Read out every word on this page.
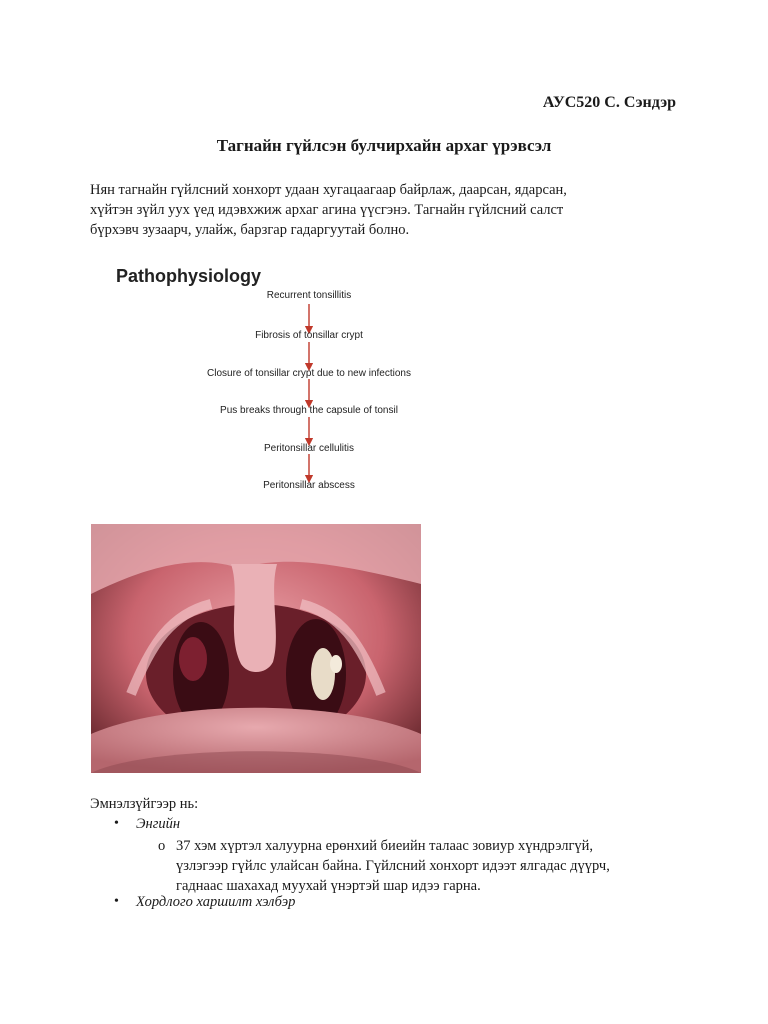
АУС520 С. Сэндэр
Тагнайн гүйлсэн булчирхайн архаг үрэвсэл
Нян тагнайн гүйлсний хонхорт удаан хугацаагаар байрлаж, даарсан, ядарсан,
хүйтэн зүйл уух үед идэвхжиж архаг агина үүсгэнэ. Тагнайн гүйлсний салст
бүрхэвч зузаарч, улайж, барзгар гадаргуутай болно.
Pathophysiology
Recurrent tonsillitis
Fibrosis of tonsillar crypt
Closure of tonsillar crypt due to new infections
Pus breaks through the capsule of tonsil
Peritonsillar cellulitis
Peritonsillar abscess
Эмнэлзүйгээр нь:
• Энгийн
o 37 хэм хүртэл халуурна ерөнхий биеийн талаас зовиур хүндрэлгүй,
үзлэгээр гүйлс улайсан байна. Гүйлсний хонхорт идээт ялгадас дүүрч,
гаднаас шахахад муухай үнэртэй шар идээ гарна.
• Хордлого харшилт хэлбэр
